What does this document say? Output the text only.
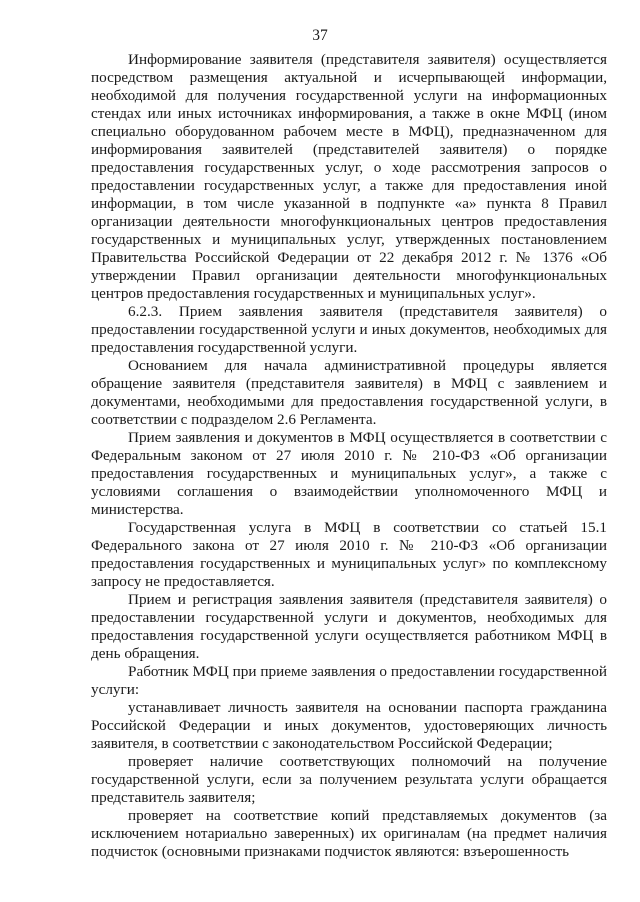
37

Информирование заявителя (представителя заявителя) осуществляется посредством размещения актуальной и исчерпывающей информации, необходимой для получения государственной услуги на информационных стендах или иных источниках информирования, а также в окне МФЦ (ином специально оборудованном рабочем месте в МФЦ), предназначенном для информирования заявителей (представителей заявителя) о порядке предоставления государственных услуг, о ходе рассмотрения запросов о предоставлении государственных услуг, а также для предоставления иной информации, в том числе указанной в подпункте «а» пункта 8 Правил организации деятельности многофункциональных центров предоставления государственных и муниципальных услуг, утвержденных постановлением Правительства Российской Федерации от 22 декабря 2012 г. № 1376 «Об утверждении Правил организации деятельности многофункциональных центров предоставления государственных и муниципальных услуг».

6.2.3. Прием заявления заявителя (представителя заявителя) о предоставлении государственной услуги и иных документов, необходимых для предоставления государственной услуги.

Основанием для начала административной процедуры является обращение заявителя (представителя заявителя) в МФЦ с заявлением и документами, необходимыми для предоставления государственной услуги, в соответствии с подразделом 2.6 Регламента.

Прием заявления и документов в МФЦ осуществляется в соответствии с Федеральным законом от 27 июля 2010 г. № 210-ФЗ «Об организации предоставления государственных и муниципальных услуг», а также с условиями соглашения о взаимодействии уполномоченного МФЦ и министерства.

Государственная услуга в МФЦ в соответствии со статьей 15.1 Федерального закона от 27 июля 2010 г. № 210-ФЗ «Об организации предоставления государственных и муниципальных услуг» по комплексному запросу не предоставляется.

Прием и регистрация заявления заявителя (представителя заявителя) о предоставлении государственной услуги и документов, необходимых для предоставления государственной услуги осуществляется работником МФЦ в день обращения.

Работник МФЦ при приеме заявления о предоставлении государственной услуги:

устанавливает личность заявителя на основании паспорта гражданина Российской Федерации и иных документов, удостоверяющих личность заявителя, в соответствии с законодательством Российской Федерации;

проверяет наличие соответствующих полномочий на получение государственной услуги, если за получением результата услуги обращается представитель заявителя;

проверяет на соответствие копий представляемых документов (за исключением нотариально заверенных) их оригиналам (на предмет наличия подчисток (основными признаками подчисток являются: взъерошенность
